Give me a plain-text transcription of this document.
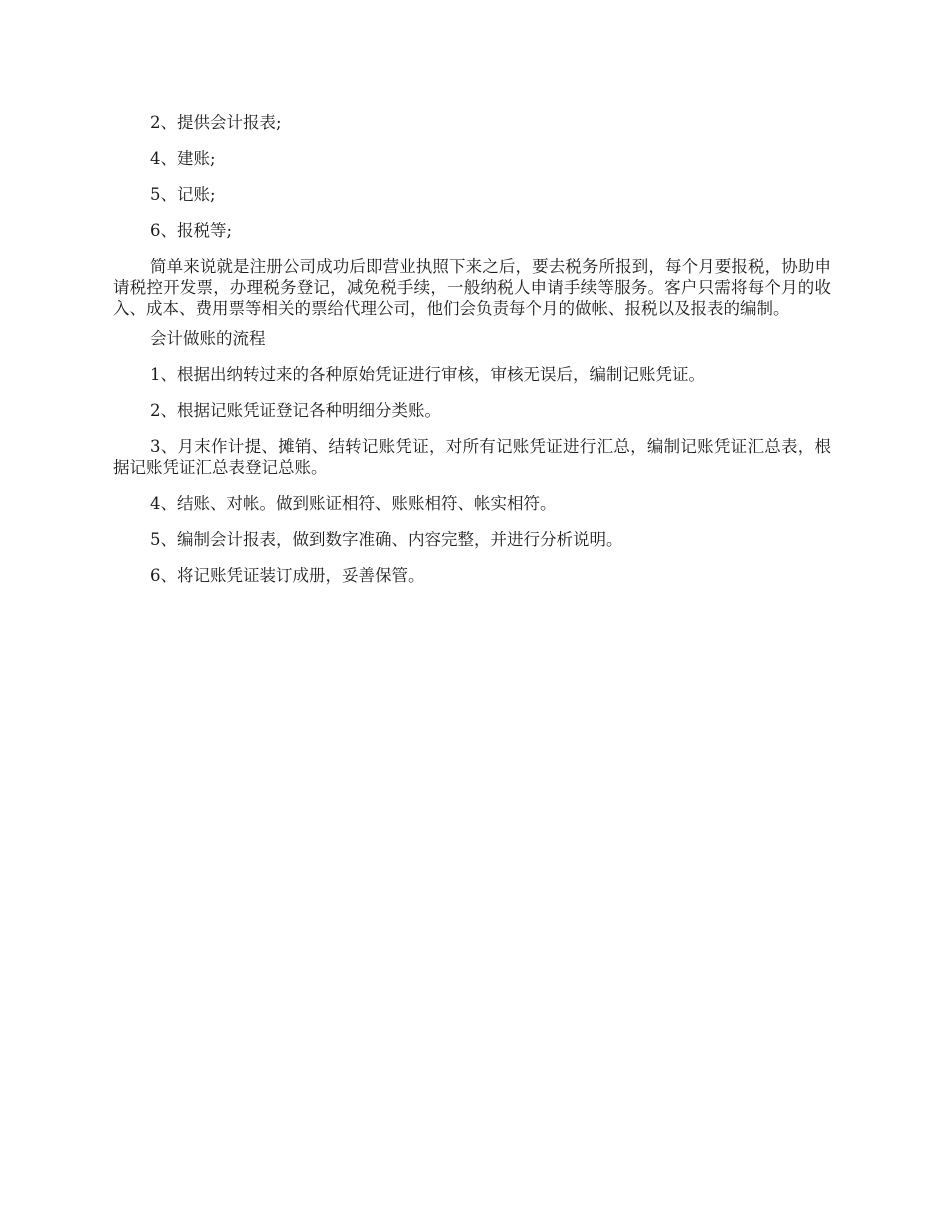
2、提供会计报表;

4、建账;

5、记账;

6、报税等;

简单来说就是注册公司成功后即营业执照下来之后，要去税务所报到，每个月要报税，协助申请税控开发票，办理税务登记，减免税手续，一般纳税人申请手续等服务。客户只需将每个月的收入、成本、费用票等相关的票给代理公司，他们会负责每个月的做帐、报税以及报表的编制。

会计做账的流程

1、根据出纳转过来的各种原始凭证进行审核，审核无误后，编制记账凭证。

2、根据记账凭证登记各种明细分类账。

3、月末作计提、摊销、结转记账凭证，对所有记账凭证进行汇总，编制记账凭证汇总表，根据记账凭证汇总表登记总账。

4、结账、对帐。做到账证相符、账账相符、帐实相符。

5、编制会计报表，做到数字准确、内容完整，并进行分析说明。

6、将记账凭证装订成册，妥善保管。
